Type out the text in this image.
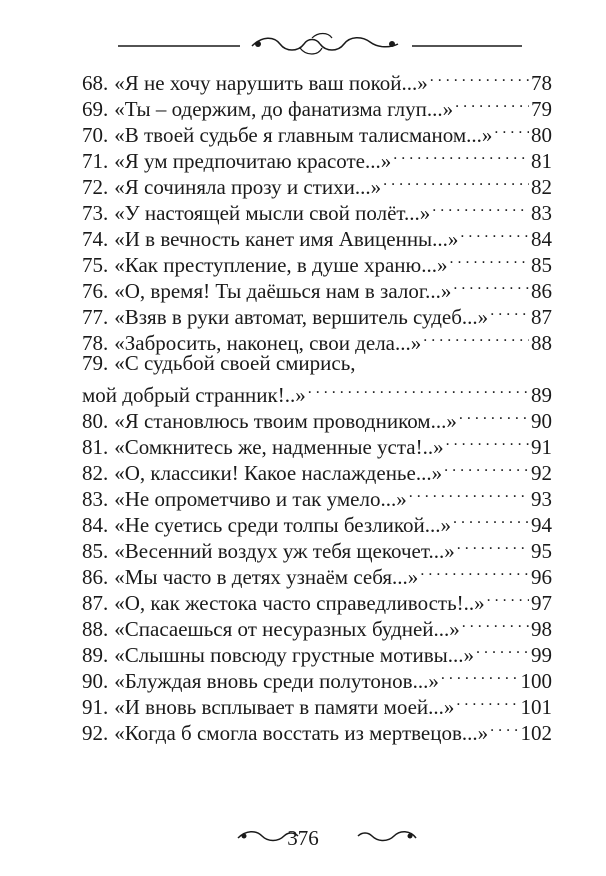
68. «Я не хочу нарушить ваш покой...» . . .	78
69. «Ты – одержим, до фанатизма глуп...» . . .	79
70. «В твоей судьбе я главным талисманом...» . . . 80
71. «Я ум предпочитаю красоте...» . . .	81
72. «Я сочиняла прозу и стихи...» . . .	82
73. «У настоящей мысли свой полёт...» . . .	83
74. «И в вечность канет имя Авиценны...» . . .	84
75. «Как преступление, в душе храню...» . . .	85
76. «О, время! Ты даёшься нам в залог...» . . .	86
77. «Взяв в руки автомат, вершитель судеб...» . . . 87
78. «Забросить, наконец, свои дела...» . . .	88
79. «С судьбой своей смирись,
мой добрый странник!..» . . .	89
80. «Я становлюсь твоим проводником...» . . .	90
81. «Сомкнитесь же, надменные уста!..» . . .	91
82. «О, классики! Какое наслажденье...» . . .	92
83. «Не опрометчиво и так умело...» . . .	93
84. «Не суетись среди толпы безликой...» . . .	94
85. «Весенний воздух уж тебя щекочет...» . . .	95
86. «Мы часто в детях узнаём себя...» . . .	96
87. «О, как жестока часто справедливость!..» . . . 97
88. «Спасаешься от несуразных будней...» . . .	98
89. «Слышны повсюду грустные мотивы...» . . .	99
90. «Блуждая вновь среди полутонов...» . . .	100
91. «И вновь всплывает в памяти моей...» . . .	101
92. «Когда б смогла восстать из мертвецов...» . . . 102
376
